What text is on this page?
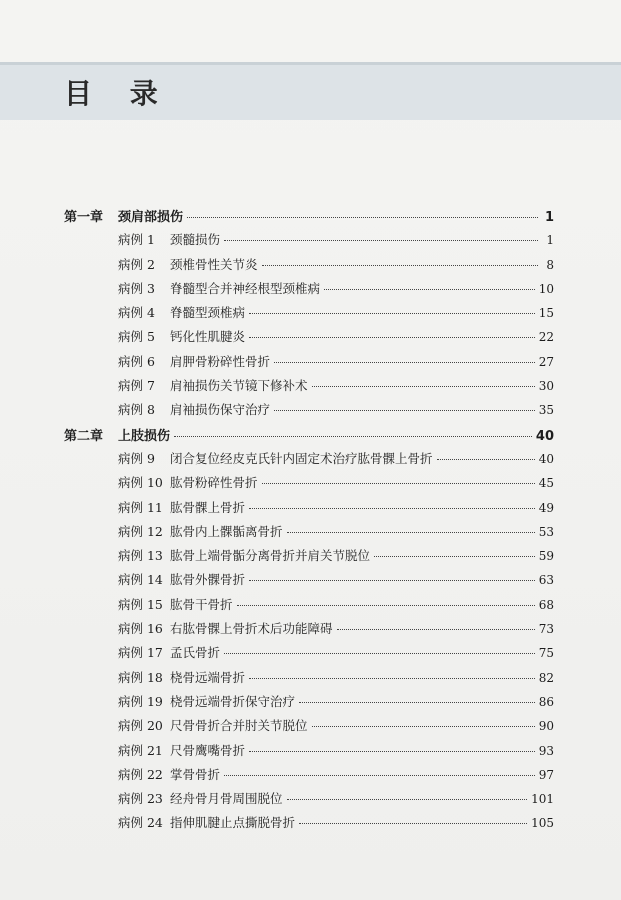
目 录
第一章	颈肩部损伤	1
病例 1	颈髓损伤	1
病例 2	颈椎骨性关节炎	8
病例 3	脊髓型合并神经根型颈椎病	10
病例 4	脊髓型颈椎病	15
病例 5	钙化性肌腱炎	22
病例 6	肩胛骨粉碎性骨折	27
病例 7	肩袖损伤关节镜下修补术	30
病例 8	肩袖损伤保守治疗	35
第二章	上肢损伤	40
病例 9	闭合复位经皮克氏针内固定术治疗肱骨髁上骨折	40
病例 10 肱骨粉碎性骨折	45
病例 11 肱骨髁上骨折	49
病例 12 肱骨内上髁骺离骨折	53
病例 13 肱骨上端骨骺分离骨折并肩关节脱位	59
病例 14 肱骨外髁骨折	63
病例 15 肱骨干骨折	68
病例 16 右肱骨髁上骨折术后功能障碍	73
病例 17 孟氏骨折	75
病例 18 桡骨远端骨折	82
病例 19 桡骨远端骨折保守治疗	86
病例 20 尺骨骨折合并肘关节脱位	90
病例 21 尺骨鹰嘴骨折	93
病例 22 掌骨骨折	97
病例 23 经舟骨月骨周围脱位	101
病例 24 指伸肌腱止点撕脱骨折	105
